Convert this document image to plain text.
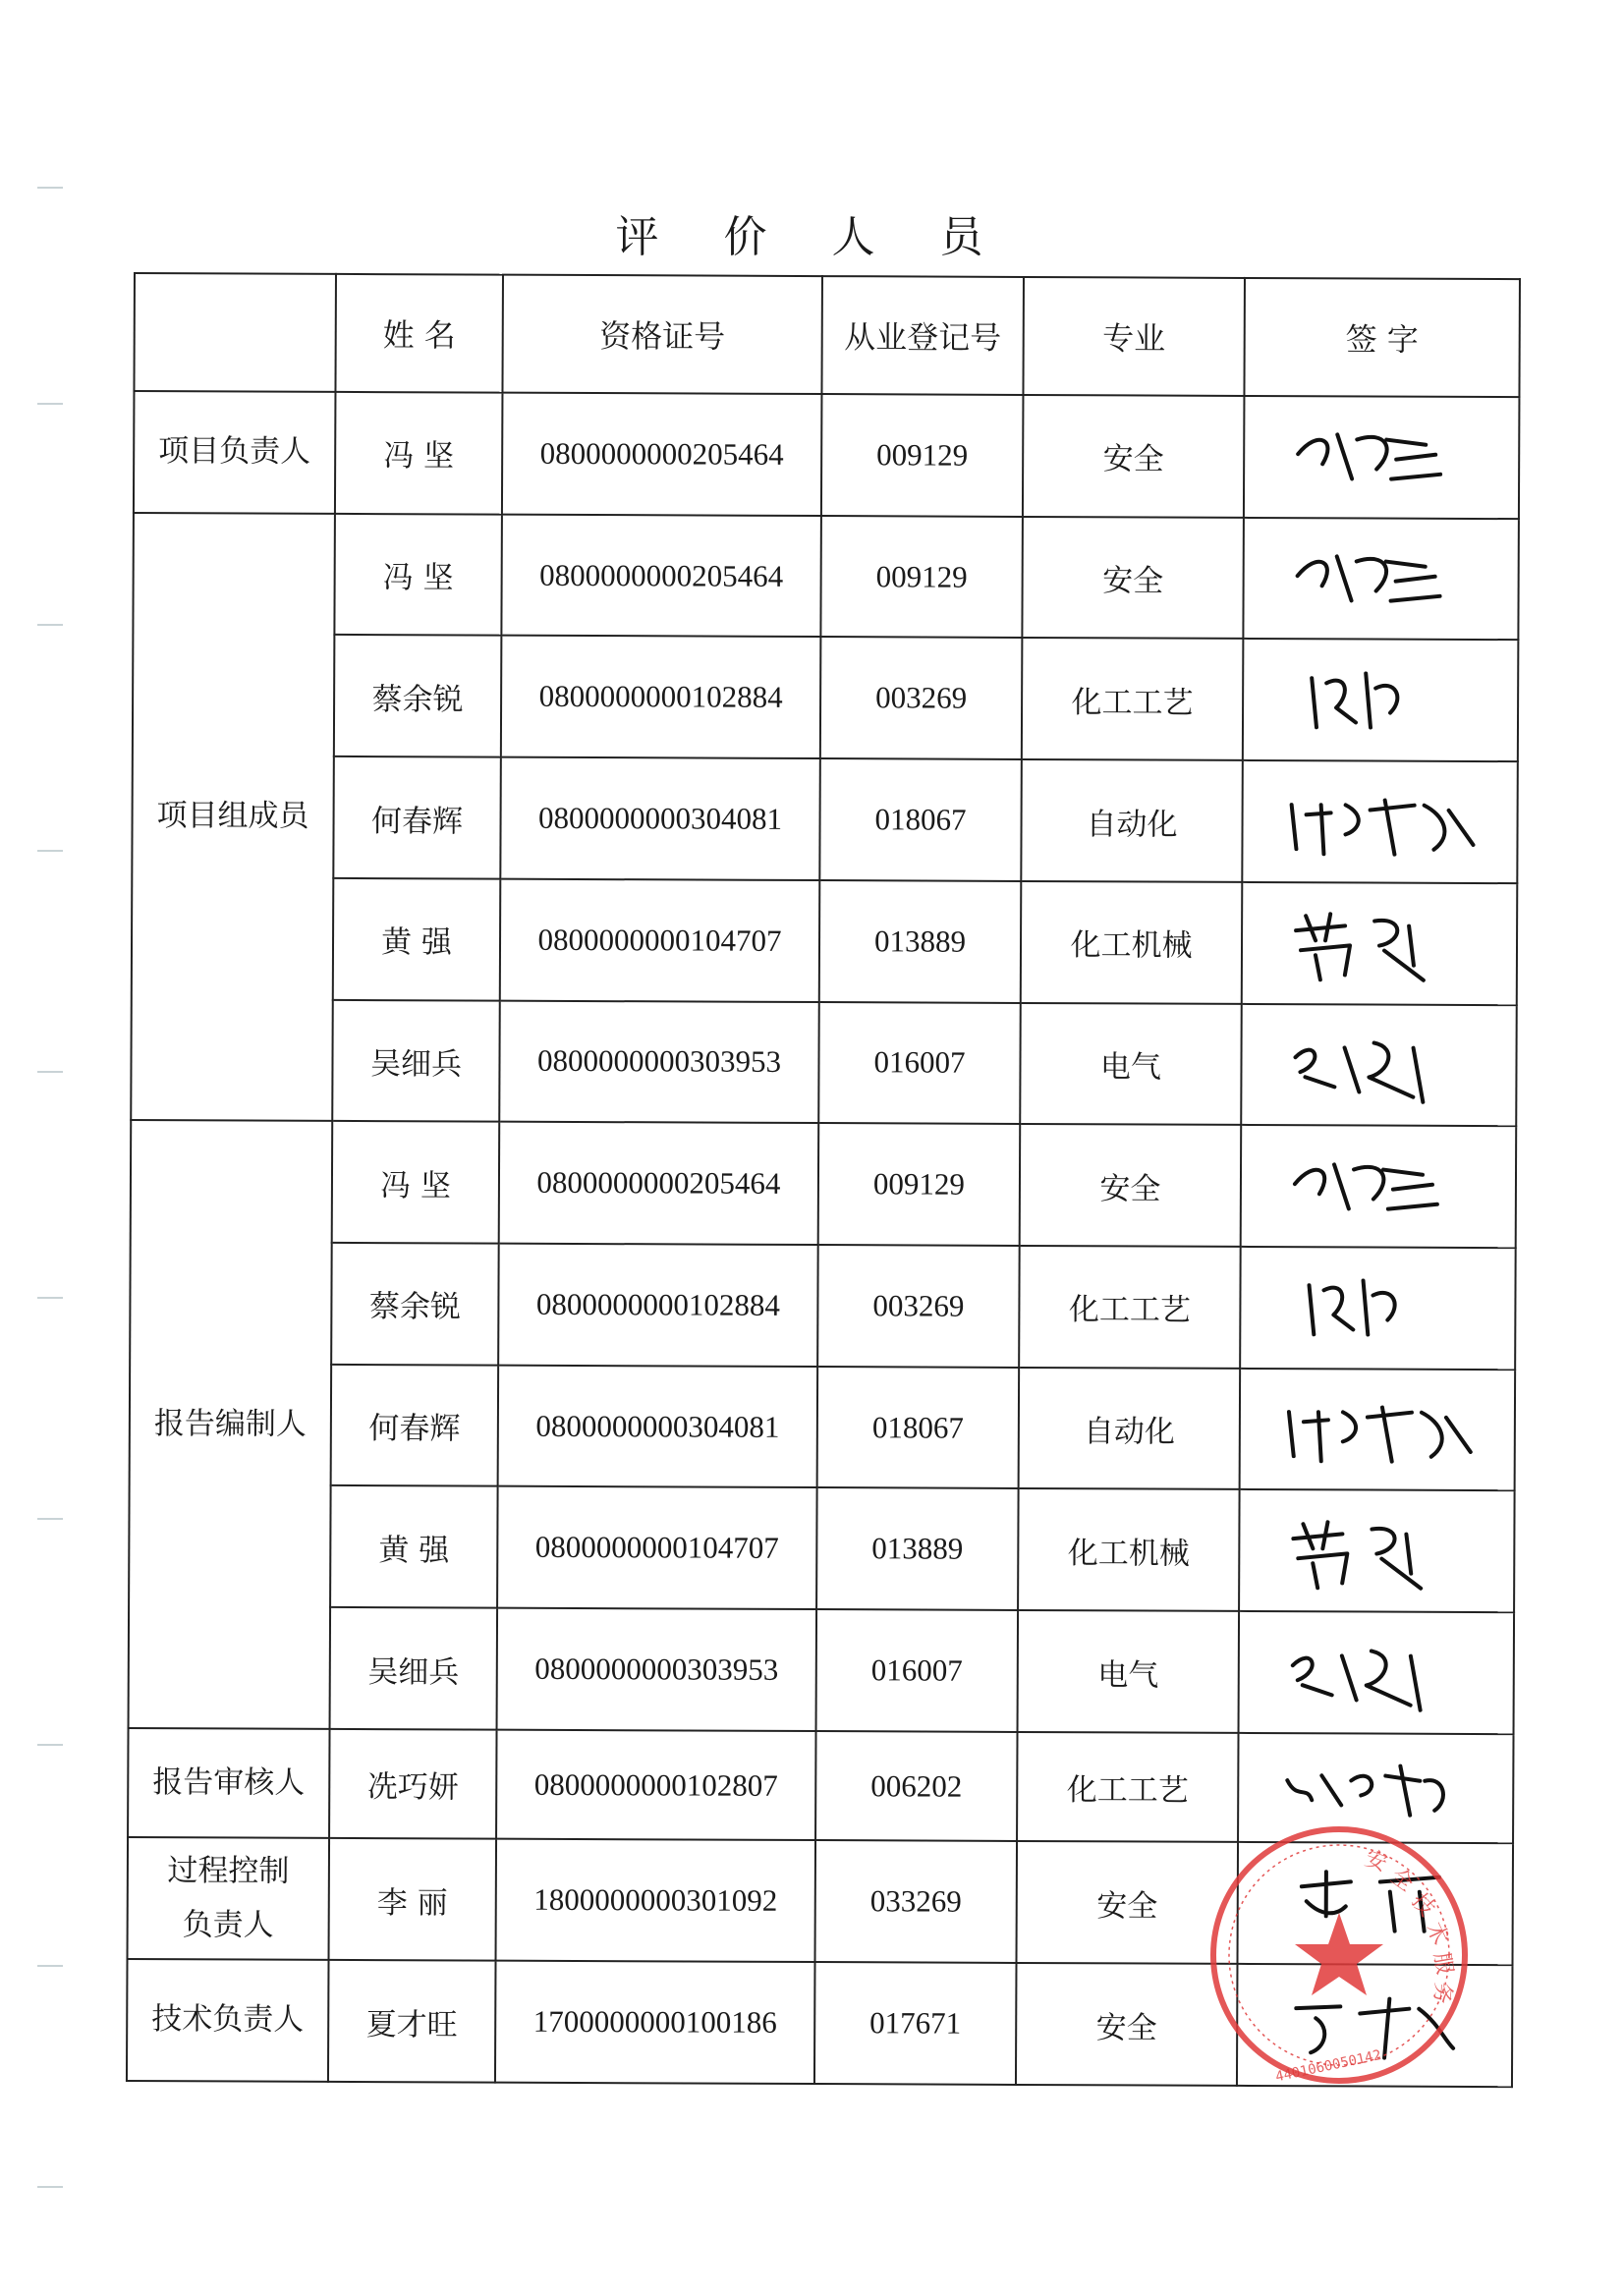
评 价 人 员
	姓 名	资格证号	从业登记号	专业	签 字
项目负责人	冯 坚	0800000000205464	009129	安全	

项目组成员	冯 坚	0800000000205464	009129	安全	

	蔡余锐	0800000000102884	003269	化工工艺	

	何春辉	0800000000304081	018067	自动化	

	黄 强	0800000000104707	013889	化工机械	

	吴细兵	0800000000303953	016007	电气	

报告编制人	冯 坚	0800000000205464	009129	安全	

	蔡余锐	0800000000102884	003269	化工工艺	

	何春辉	0800000000304081	018067	自动化	

	黄 强	0800000000104707	013889	化工机械	

	吴细兵	0800000000303953	016007	电气	

报告审核人	冼巧妍	0800000000102807	006202	化工工艺	

过程控制
负责人	李 丽	1800000000301092	033269	安全	

技术负责人	夏才旺	1700000000100186	017671	安全	
安
全
技
术
服
务
4401060050142
